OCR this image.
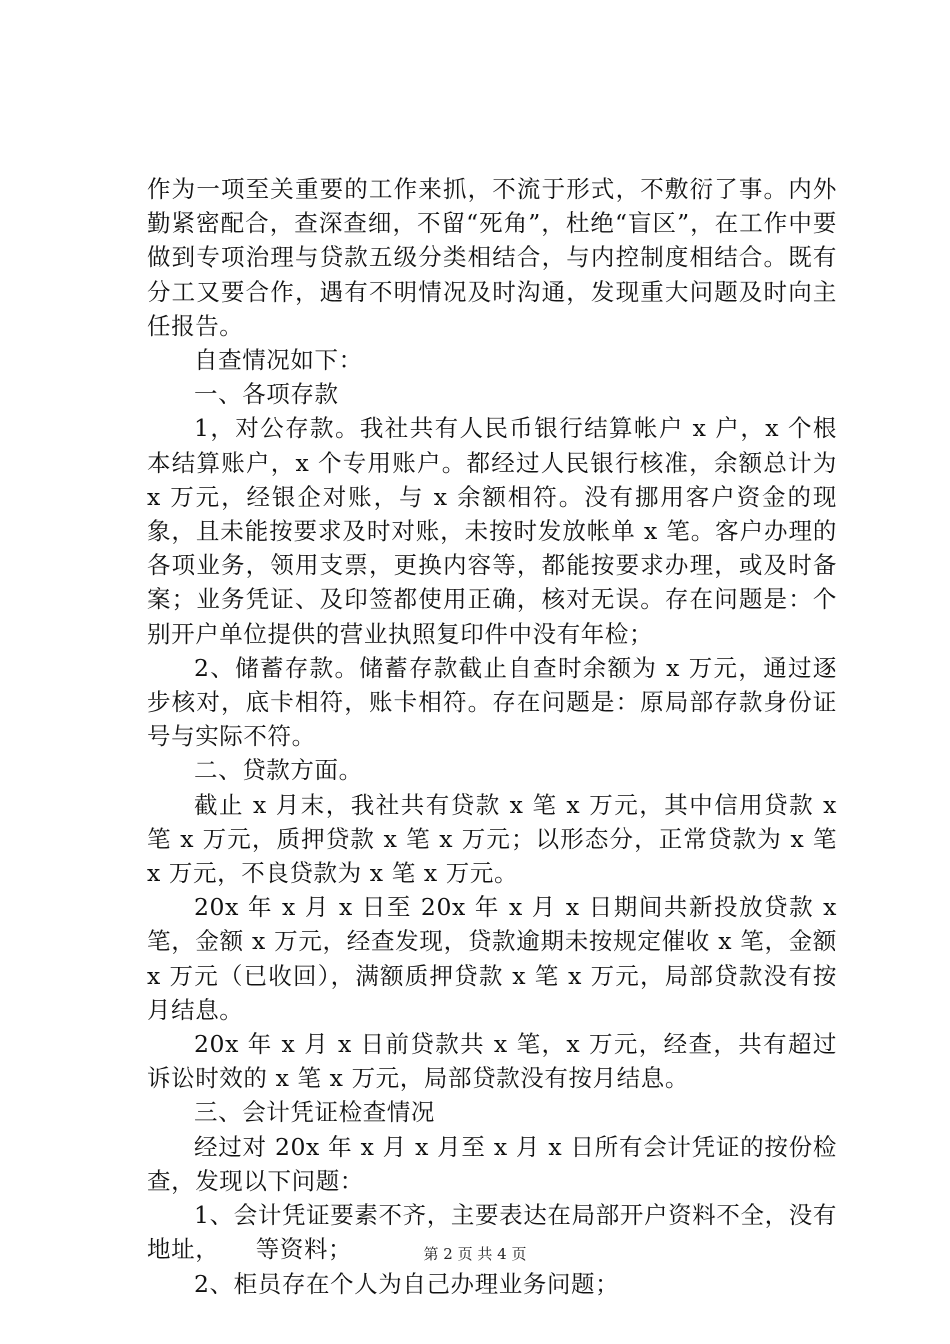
作为一项至关重要的工作来抓，不流于形式，不敷衍了事。内外勤紧密配合，查深查细，不留“死角”，杜绝“盲区”，在工作中要做到专项治理与贷款五级分类相结合，与内控制度相结合。既有分工又要合作，遇有不明情况及时沟通，发现重大问题及时向主任报告。

自查情况如下：

一、各项存款

1，对公存款。我社共有人民币银行结算帐户 x 户，x 个根本结算账户，x 个专用账户。都经过人民银行核准，余额总计为 x 万元，经银企对账，与 x 余额相符。没有挪用客户资金的现象，且未能按要求及时对账，未按时发放帐单 x 笔。客户办理的各项业务，领用支票，更换内容等，都能按要求办理，或及时备案；业务凭证、及印签都使用正确，核对无误。存在问题是：个别开户单位提供的营业执照复印件中没有年检；

2、储蓄存款。储蓄存款截止自查时余额为 x 万元，通过逐步核对，底卡相符，账卡相符。存在问题是：原局部存款身份证号与实际不符。

二、贷款方面。

截止 x 月末，我社共有贷款 x 笔 x 万元，其中信用贷款 x 笔 x 万元，质押贷款 x 笔 x 万元；以形态分，正常贷款为 x 笔 x 万元，不良贷款为 x 笔 x 万元。

20x 年 x 月 x 日至 20x 年 x 月 x 日期间共新投放贷款 x 笔，金额 x 万元，经查发现，贷款逾期未按规定催收 x 笔，金额 x 万元（已收回），满额质押贷款 x 笔 x 万元，局部贷款没有按月结息。

20x 年 x 月 x 日前贷款共 x 笔，x 万元，经查，共有超过诉讼时效的 x 笔 x 万元，局部贷款没有按月结息。

三、会计凭证检查情况

经过对 20x 年 x 月 x 月至 x 月 x 日所有会计凭证的按份检查，发现以下问题：

1、会计凭证要素不齐，主要表达在局部开户资料不全，没有地址，　　等资料；

2、柜员存在个人为自己办理业务问题；

第 2 页 共 4 页
